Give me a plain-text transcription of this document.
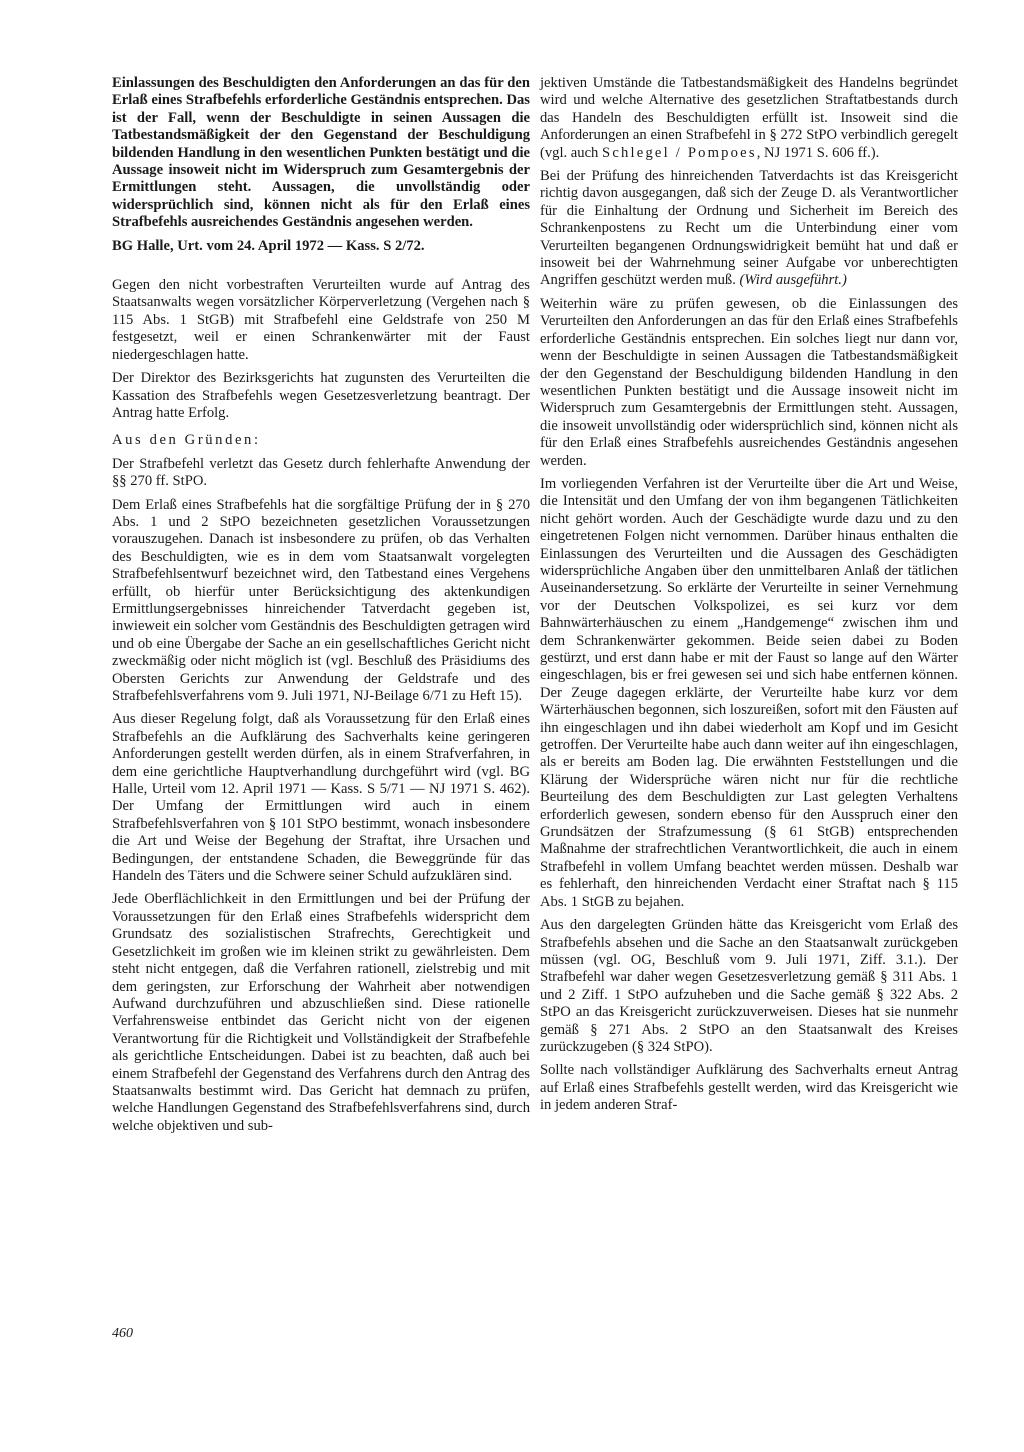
Einlassungen des Beschuldigten den Anforderungen an das für den Erlaß eines Strafbefehls erforderliche Geständnis entsprechen. Das ist der Fall, wenn der Beschuldigte in seinen Aussagen die Tatbestandsmäßigkeit der den Gegenstand der Beschuldigung bildenden Handlung in den wesentlichen Punkten bestätigt und die Aussage insoweit nicht im Widerspruch zum Gesamtergebnis der Ermittlungen steht. Aussagen, die unvollständig oder widersprüchlich sind, können nicht als für den Erlaß eines Strafbefehls ausreichendes Geständnis angesehen werden.

BG Halle, Urt. vom 24. April 1972 — Kass. S 2/72.

Gegen den nicht vorbestraften Verurteilten wurde auf Antrag des Staatsanwalts wegen vorsätzlicher Körperverletzung (Vergehen nach § 115 Abs. 1 StGB) mit Strafbefehl eine Geldstrafe von 250 M festgesetzt, weil er einen Schrankenwärter mit der Faust niedergeschlagen hatte.

Der Direktor des Bezirksgerichts hat zugunsten des Verurteilten die Kassation des Strafbefehls wegen Gesetzesverletzung beantragt. Der Antrag hatte Erfolg.

Aus den Gründen:

Der Strafbefehl verletzt das Gesetz durch fehlerhafte Anwendung der §§ 270 ff. StPO.

Dem Erlaß eines Strafbefehls hat die sorgfältige Prüfung der in § 270 Abs. 1 und 2 StPO bezeichneten gesetzlichen Voraussetzungen vorauszugehen. Danach ist insbesondere zu prüfen, ob das Verhalten des Beschuldigten, wie es in dem vom Staatsanwalt vorgelegten Strafbefehlsentwurf bezeichnet wird, den Tatbestand eines Vergehens erfüllt, ob hierfür unter Berücksichtigung des aktenkundigen Ermittlungsergebnisses hinreichender Tatverdacht gegeben ist, inwieweit ein solcher vom Geständnis des Beschuldigten getragen wird und ob eine Übergabe der Sache an ein gesellschaftliches Gericht nicht zweckmäßig oder nicht möglich ist (vgl. Beschluß des Präsidiums des Obersten Gerichts zur Anwendung der Geldstrafe und des Strafbefehlsverfahrens vom 9. Juli 1971, NJ-Beilage 6/71 zu Heft 15).

Aus dieser Regelung folgt, daß als Voraussetzung für den Erlaß eines Strafbefehls an die Aufklärung des Sachverhalts keine geringeren Anforderungen gestellt werden dürfen, als in einem Strafverfahren, in dem eine gerichtliche Hauptverhandlung durchgeführt wird (vgl. BG Halle, Urteil vom 12. April 1971 — Kass. S 5/71 — NJ 1971 S. 462). Der Umfang der Ermittlungen wird auch in einem Strafbefehlsverfahren von § 101 StPO bestimmt, wonach insbesondere die Art und Weise der Begehung der Straftat, ihre Ursachen und Bedingungen, der entstandene Schaden, die Beweggründe für das Handeln des Täters und die Schwere seiner Schuld aufzuklären sind.

Jede Oberflächlichkeit in den Ermittlungen und bei der Prüfung der Voraussetzungen für den Erlaß eines Strafbefehls widerspricht dem Grundsatz des sozialistischen Strafrechts, Gerechtigkeit und Gesetzlichkeit im großen wie im kleinen strikt zu gewährleisten. Dem steht nicht entgegen, daß die Verfahren rationell, zielstrebig und mit dem geringsten, zur Erforschung der Wahrheit aber notwendigen Aufwand durchzuführen und abzuschließen sind. Diese rationelle Verfahrensweise entbindet das Gericht nicht von der eigenen Verantwortung für die Richtigkeit und Vollständigkeit der Strafbefehle als gerichtliche Entscheidungen. Dabei ist zu beachten, daß auch bei einem Strafbefehl der Gegenstand des Verfahrens durch den Antrag des Staatsanwalts bestimmt wird. Das Gericht hat demnach zu prüfen, welche Handlungen Gegenstand des Strafbefehlsverfahrens sind, durch welche objektiven und sub-

jektiven Umstände die Tatbestandsmäßigkeit des Handelns begründet wird und welche Alternative des gesetzlichen Straftatbestands durch das Handeln des Beschuldigten erfüllt ist. Insoweit sind die Anforderungen an einen Strafbefehl in § 272 StPO verbindlich geregelt (vgl. auch Schlegel / Pompoes, NJ 1971 S. 606 ff.).

Bei der Prüfung des hinreichenden Tatverdachts ist das Kreisgericht richtig davon ausgegangen, daß sich der Zeuge D. als Verantwortlicher für die Einhaltung der Ordnung und Sicherheit im Bereich des Schrankenpostens zu Recht um die Unterbindung einer vom Verurteilten begangenen Ordnungswidrigkeit bemüht hat und daß er insoweit bei der Wahrnehmung seiner Aufgabe vor unberechtigten Angriffen geschützt werden muß. (Wird ausgeführt.)

Weiterhin wäre zu prüfen gewesen, ob die Einlassungen des Verurteilten den Anforderungen an das für den Erlaß eines Strafbefehls erforderliche Geständnis entsprechen. Ein solches liegt nur dann vor, wenn der Beschuldigte in seinen Aussagen die Tatbestandsmäßigkeit der den Gegenstand der Beschuldigung bildenden Handlung in den wesentlichen Punkten bestätigt und die Aussage insoweit nicht im Widerspruch zum Gesamtergebnis der Ermittlungen steht. Aussagen, die insoweit unvollständig oder widersprüchlich sind, können nicht als für den Erlaß eines Strafbefehls ausreichendes Geständnis angesehen werden.

Im vorliegenden Verfahren ist der Verurteilte über die Art und Weise, die Intensität und den Umfang der von ihm begangenen Tätlichkeiten nicht gehört worden. Auch der Geschädigte wurde dazu und zu den eingetretenen Folgen nicht vernommen. Darüber hinaus enthalten die Einlassungen des Verurteilten und die Aussagen des Geschädigten widersprüchliche Angaben über den unmittelbaren Anlaß der tätlichen Auseinandersetzung. So erklärte der Verurteilte in seiner Vernehmung vor der Deutschen Volkspolizei, es sei kurz vor dem Bahnwärterhäuschen zu einem „Handgemenge“ zwischen ihm und dem Schrankenwärter gekommen. Beide seien dabei zu Boden gestürzt, und erst dann habe er mit der Faust so lange auf den Wärter eingeschlagen, bis er frei gewesen sei und sich habe entfernen können. Der Zeuge dagegen erklärte, der Verurteilte habe kurz vor dem Wärterhäuschen begonnen, sich loszureißen, sofort mit den Fäusten auf ihn eingeschlagen und ihn dabei wiederholt am Kopf und im Gesicht getroffen. Der Verurteilte habe auch dann weiter auf ihn eingeschlagen, als er bereits am Boden lag. Die erwähnten Feststellungen und die Klärung der Widersprüche wären nicht nur für die rechtliche Beurteilung des dem Beschuldigten zur Last gelegten Verhaltens erforderlich gewesen, sondern ebenso für den Ausspruch einer den Grundsätzen der Strafzumessung (§ 61 StGB) entsprechenden Maßnahme der strafrechtlichen Verantwortlichkeit, die auch in einem Strafbefehl in vollem Umfang beachtet werden müssen. Deshalb war es fehlerhaft, den hinreichenden Verdacht einer Straftat nach § 115 Abs. 1 StGB zu bejahen.

Aus den dargelegten Gründen hätte das Kreisgericht vom Erlaß des Strafbefehls absehen und die Sache an den Staatsanwalt zurückgeben müssen (vgl. OG, Beschluß vom 9. Juli 1971, Ziff. 3.1.). Der Strafbefehl war daher wegen Gesetzesverletzung gemäß § 311 Abs. 1 und 2 Ziff. 1 StPO aufzuheben und die Sache gemäß § 322 Abs. 2 StPO an das Kreisgericht zurückzuverweisen. Dieses hat sie nunmehr gemäß § 271 Abs. 2 StPO an den Staatsanwalt des Kreises zurückzugeben (§ 324 StPO).

Sollte nach vollständiger Aufklärung des Sachverhalts erneut Antrag auf Erlaß eines Strafbefehls gestellt werden, wird das Kreisgericht wie in jedem anderen Straf-

460
